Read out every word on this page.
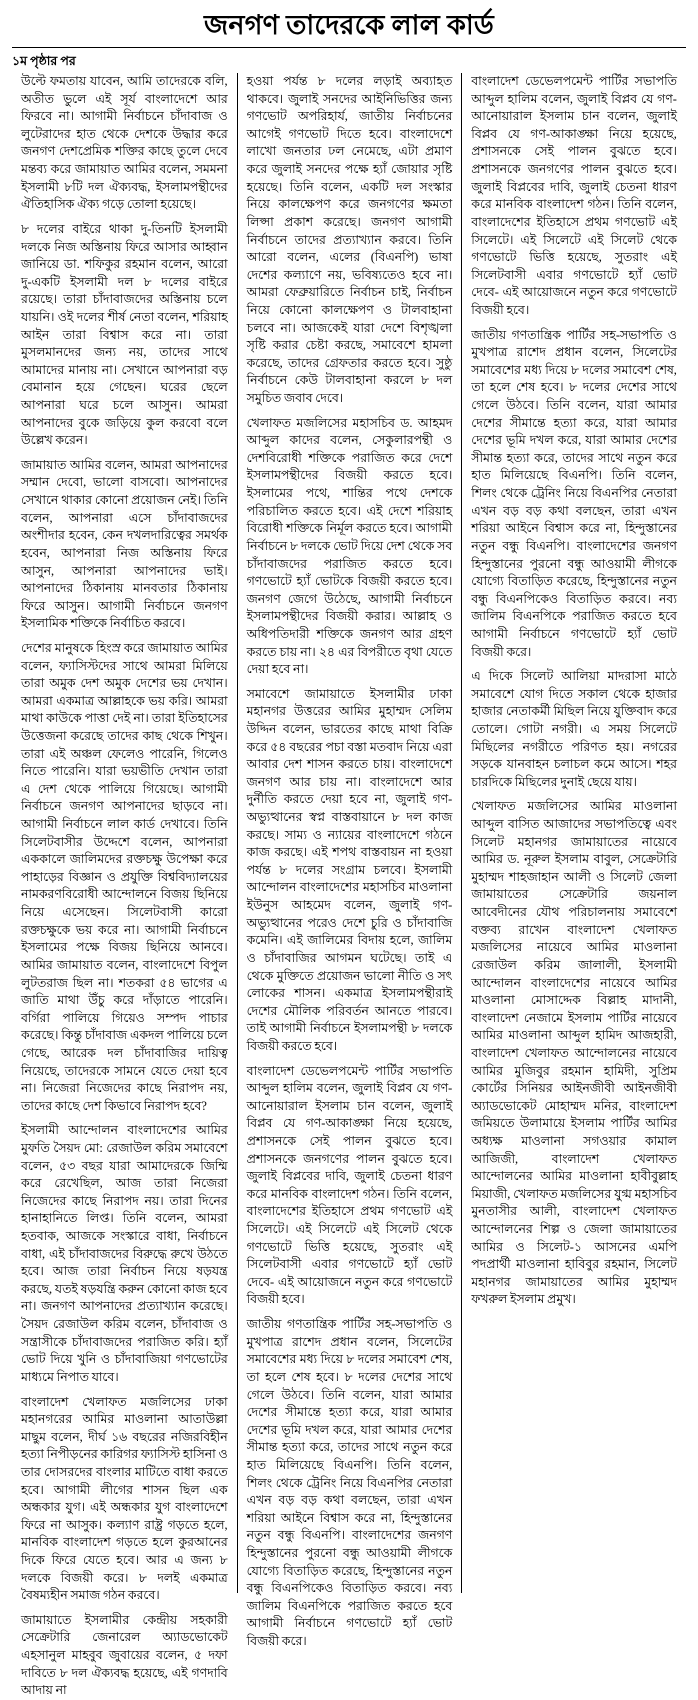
জনগণ তাদেরকে লাল কার্ড
১ম পৃষ্ঠার পর

উল্টে ফমতায় যাবেন, আমি তাদেরকে বলি, অতীত ভুলে এই সূর্য বাংলাদেশে আর ফিরবে না। আগামী নির্বাচনে চাঁদাবাজ ও লুটেরাদের হাত থেকে দেশকে উদ্ধার করে জনগণ দেশপ্রেমিক শক্তির কাছে তুলে দেবে মন্তব্য করে জামায়াত আমির বলেন, সমমনা ইসলামী ৮টি দল ঐক্যবদ্ধ, ইসলামপন্থীদের ঐতিহাসিক ঐক্য গড়ে তোলা হয়েছে।

৮ দলের বাইরে থাকা দু-তিনটি ইসলামী দলকে নিজ অস্তিনায় ফিরে আসার আহ্বান জানিয়ে ডা. শফিকুর রহমান বলেন, আরো দু-একটি ইসলামী দল ৮ দলের বাইরে রয়েছে। তারা চাঁদাবাজদের অস্তিনায় চলে যায়নি। ওই দলের শীর্ষ নেতা বলেন, শরিয়াহ আইন তারা বিশ্বাস করে না। তারা মুসলমানদের জন্য নয়, তাদের সাথে আমাদের মানায় না। সেখানে আপনারা বড় বেমানান হয়ে গেছেন। ঘরের ছেলে আপনারা ঘরে চলে আসুন। আমরা আপনাদের বুকে জড়িয়ে কুল করবো বলে উল্লেখ করেন।

জামায়াত আমির বলেন, আমরা আপনাদের সম্মান দেবো, ভালো বাসবো। আপনাদের সেখানে থাকার কোনো প্রয়োজন নেই। তিনি বলেন, আপনারা এসে চাঁদাবাজদের অংশীদার হবেন, কেন দখলদারিত্বের সমর্থক হবেন, আপনারা নিজ অস্তিনায় ফিরে আসুন, আপনারা আপনাদের ভাই। আপনাদের ঠিকানায় মানবতার ঠিকানায় ফিরে আসুন। আগামী নির্বাচনে জনগণ ইসলামিক শক্তিকে নির্বাচিত করবে।

দেশের মানুষকে হিংস্র করে জামায়াত আমির বলেন, ফ্যাসিস্টদের সাথে আমরা মিলিয়ে তারা অমুক দেশ অমুক দেশের ভয় দেখান। আমরা একমাত্র আল্লাহকে ভয় করি। আমরা মাথা কাউকে পাত্তা দেই না। তারা ইতিহাসের উত্তেজনা করেছে তাদের কাছ থেকে শিখুন। তারা এই অঞ্চল ফেলেও পারেনি, গিলেও নিতে পারেনি। যারা ভয়ভীতি দেখান তারা এ দেশ থেকে পালিয়ে গিয়েছে। আগামী নির্বাচনে জনগণ আপনাদের ছাড়বে না। আগামী নির্বাচনে লাল কার্ড দেখাবে। তিনি সিলেটবাসীর উদ্দেশে বলেন, আপনারা এককালে জালিমদের রক্তচক্ষু উপেক্ষা করে পাহাড়ের বিজ্ঞান ও প্রযুক্তি বিশ্ববিদ্যালয়ের নামকরণবিরোধী আন্দোলনে বিজয় ছিনিয়ে নিয়ে এসেছেন। সিলেটবাসী কারো রক্তচক্ষুকে ভয় করে না। আগামী নির্বাচনে ইসলামের পক্ষে বিজয় ছিনিয়ে আনবে। আমির জামায়াত বলেন, বাংলাদেশে বিপুল লুটতরাজ ছিল না। শতকরা ৫৪ ভাগের এ জাতি মাথা উঁচু করে দাঁড়াতে পারেনি। বর্গিরা পালিয়ে গিয়েও সম্পদ পাচার করেছে। কিন্তু চাঁদাবাজ একদল পালিয়ে চলে গেছে, আরেক দল চাঁদাবাজির দায়িত্ব নিয়েছে, তাদেরকে সামনে যেতে দেয়া হবে না। নিজেরা নিজেদের কাছে নিরাপদ নয়, তাদের কাছে দেশ কিভাবে নিরাপদ হবে?

ইসলামী আন্দোলন বাংলাদেশের আমির মুফতি সৈয়দ মো: রেজাউল করিম সমাবেশে বলেন, ৫৩ বছর যারা আমাদেরকে জিম্মি করে রেখেছিল, আজ তারা নিজেরা নিজেদের কাছে নিরাপদ নয়। তারা দিনের হানাহানিতে লিপ্ত। তিনি বলেন, আমরা হতবাক, আজকে সংস্কারে বাধা, নির্বাচনে বাধা, এই চাঁদাবাজদের বিরুদ্ধে রুখে উঠতে হবে। আজ তারা নির্বাচন নিয়ে ষড়যন্ত্র করছে, যতই ষড়যন্ত্রি করুন কোনো কাজ হবে না। জনগণ আপনাদের প্রত্যাখ্যান করেছে। সৈয়দ রেজাউল করিম বলেন, চাঁদাবাজ ও সন্ত্রাসীকে চাঁদাবাজদের পরাজিত করি। হ্যাঁ ভোট দিয়ে খুনি ও চাঁদাবাজিয়া গণভোটের মাধ্যমে নিপাত যাবে।

বাংলাদেশ খেলাফত মজলিসের ঢাকা মহানগরের আমির মাওলানা আতাউল্লা মাছুম বলেন, দীর্ঘ ১৬ বছরের নজিরবিহীন হত্যা নিপীড়নের কারিগর ফ্যাসিস্ট হাসিনা ও তার দোসরদের বাংলার মাটিতে বাধা করতে হবে। আগামী লীগের শাসন ছিল এক অন্ধকার যুগ। এই অন্ধকার যুগ বাংলাদেশে ফিরে না আসুক। কল্যাণ রাষ্ট্র গড়তে হলে, মানবিক বাংলাদেশ গড়তে হলে কুরআনের দিকে ফিরে যেতে হবে। আর এ জন্য ৮ দলকে বিজয়ী করে। ৮ দলই একমাত্র বৈষম্যহীন সমাজ গঠন করবে।

জামায়াতে ইসলামীর কেন্দ্রীয় সহকারী সেক্রেটারি জেনারেল অ্যাডভোকেট এহসানুল মাহবুব জুবায়ের বলেন, ৫ দফা দাবিতে ৮ দল ঐক্যবদ্ধ হয়েছে, এই গণদাবি আদায় না

হওয়া পর্যন্ত ৮ দলের লড়াই অব্যাহত থাকবে। জুলাই সনদের আইনিভিত্তির জন্য গণভোট অপরিহার্য, জাতীয় নির্বাচনের আগেই গণভোট দিতে হবে। বাংলাদেশে লাখো জনতার ঢল নেমেছে, এটা প্রমাণ করে জুলাই সনদের পক্ষে হ্যাঁ জোয়ার সৃষ্টি হয়েছে। তিনি বলেন, একটি দল সংস্কার নিয়ে কালক্ষেপণ করে জনগণের ক্ষমতা লিপ্সা প্রকাশ করেছে। জনগণ আগামী নির্বাচনে তাদের প্রত্যাখ্যান করবে। তিনি আরো বলেন, এলের (বিএনপি) ভাষা দেশের কল্যাণে নয়, ভবিষ্যতেও হবে না। আমরা ফেব্রুয়ারিতে নির্বাচন চাই, নির্বাচন নিয়ে কোনো কালক্ষেপণ ও টালবাহানা চলবে না। আজকেই যারা দেশে বিশৃঙ্খলা সৃষ্টি করার চেষ্টা করছে, সমাবেশে হামলা করেছে, তাদের গ্রেফতার করতে হবে। সুষ্ঠু নির্বাচনে কেউ টালবাহানা করলে ৮ দল সমুচিত জবাব দেবে।

খেলাফত মজলিসের মহাসচিব ড. আহমদ আব্দুল কাদের বলেন, সেকুলারপন্থী ও দেশবিরোধী শক্তিকে পরাজিত করে দেশে ইসলামপন্থীদের বিজয়ী করতে হবে। ইসলামের পথে, শান্তির পথে দেশকে পরিচালিত করতে হবে। এই দেশে শরিয়াহ বিরোধী শক্তিকে নির্মূল করতে হবে। আগামী নির্বাচনে ৮ দলকে ভোট দিয়ে দেশ থেকে সব চাঁদাবাজদের পরাজিত করতে হবে। গণভোটে হ্যাঁ ভোটকে বিজয়ী করতে হবে। জনগণ জেগে উঠেছে, আগামী নির্বাচনে ইসলামপন্থীদের বিজয়ী করার। আল্লাহ ও অধিপতিদারী শক্তিকে জনগণ আর গ্রহণ করতে চায় না। ২৪ এর বিপরীতে বৃথা যেতে দেয়া হবে না।

সমাবেশে জামায়াতে ইসলামীর ঢাকা মহানগর উত্তরের আমির মুহাম্মদ সেলিম উদ্দিন বলেন, ভারতের কাছে মাথা বিক্রি করে ৫৪ বছরের পচা বস্তা মতবাদ নিয়ে এরা আবার দেশ শাসন করতে চায়। বাংলাদেশে জনগণ আর চায় না। বাংলাদেশে আর দুর্নীতি করতে দেয়া হবে না, জুলাই গণ-অভ্যুত্থানের স্বপ্ন বাস্তবায়ানে ৮ দল কাজ করছে। সাম্য ও ন্যায়ের বাংলাদেশে গঠনে কাজ করছে। এই শপথ বাস্তবায়ন না হওয়া পর্যন্ত ৮ দলের সংগ্রাম চলবে। ইসলামী আন্দোলন বাংলাদেশের মহাসচিব মাওলানা ইউনুস আহমেদ বলেন, জুলাই গণ-অভ্যুত্থানের পরেও দেশে চুরি ও চাঁদাবাজি কমেনি। এই জালিমের বিদায় হলে, জালিম ও চাঁদাবাজির আগমন ঘটেছে। তাই এ থেকে মুক্তিতে প্রয়োজন ভালো নীতি ও সৎ লোকের শাসন। একমাত্র ইসলামপন্থীরাই দেশের মৌলিক পরিবর্তন আনতে পারবে। তাই আগামী নির্বাচনে ইসলামপন্থী ৮ দলকে বিজয়ী করতে হবে।

বাংলাদেশ ডেভেলপমেন্ট পার্টির সভাপতি আব্দুল হালিম বলেন, জুলাই বিপ্লব যে গণ-আনোয়ারাল ইসলাম চান বলেন, জুলাই বিপ্লব যে গণ-আকাঙ্ক্ষা নিয়ে হয়েছে, প্রশাসনকে সেই পালন বুঝতে হবে। প্রশাসনকে জনগণের পালন বুঝতে হবে। জুলাই বিপ্লবের দাবি, জুলাই চেতনা ধারণ করে মানবিক বাংলাদেশ গঠন। তিনি বলেন, বাংলাদেশের ইতিহাসে প্রথম গণভোট এই সিলেটে। এই সিলেটে এই সিলেট থেকে গণভোটে ভিত্তি হয়েছে, সুতরাং এই সিলেটবাসী এবার গণভোটে হ্যাঁ ভোট দেবে- এই আয়োজনে নতুন করে গণভোটে বিজয়ী হবে।

জাতীয় গণতান্ত্রিক পার্টির সহ-সভাপতি ও মুখপাত্র রাশেদ প্রধান বলেন, সিলেটের সমাবেশের মধ্য দিয়ে ৮ দলের সমাবেশ শেষ, তা হলে শেষ হবে। ৮ দলের দেশের সাথে গেলে উঠবে। তিনি বলেন, যারা আমার দেশের সীমান্তে হত্যা করে, যারা আমার দেশের ভূমি দখল করে, যারা আমার দেশের সীমান্ত হত্যা করে, তাদের সাথে নতুন করে হাত মিলিয়েছে বিএনপি। তিনি বলেন, শিলং থেকে ট্রেনিং নিয়ে বিএনপির নেতারা এখন বড় বড় কথা বলছেন, তারা এখন শরিয়া আইনে বিশ্বাস করে না, হিন্দুস্তানের নতুন বন্ধু বিএনপি। বাংলাদেশের জনগণ হিন্দুস্তানের পুরনো বন্ধু আওয়ামী লীগকে যোগ্যে বিতাড়িত করেছে, হিন্দুস্তানের নতুন বন্ধু বিএনপিকেও বিতাড়িত করবে। নব্য জালিম বিএনপিকে পরাজিত করতে হবে আগামী নির্বাচনে গণভোটে হ্যাঁ ভোট বিজয়ী করে।

বাংলাদেশ ডেভেলপমেন্ট পার্টির সভাপতি আব্দুল হালিম বলেন, জুলাই বিপ্লব যে গণ-আনোয়ারাল ইসলাম চান বলেন, জুলাই বিপ্লব যে গণ-আকাঙ্ক্ষা নিয়ে হয়েছে, প্রশাসনকে সেই পালন বুঝতে হবে। প্রশাসনকে জনগণের পালন বুঝতে হবে। জুলাই বিপ্লবের দাবি, জুলাই চেতনা ধারণ করে মানবিক বাংলাদেশ গঠন। তিনি বলেন, বাংলাদেশের ইতিহাসে প্রথম গণভোট এই সিলেটে। এই সিলেটে এই সিলেট থেকে গণভোটে ভিত্তি হয়েছে, সুতরাং এই সিলেটবাসী এবার গণভোটে হ্যাঁ ভোট দেবে- এই আয়োজনে নতুন করে গণভোটে বিজয়ী হবে।

জাতীয় গণতান্ত্রিক পার্টির সহ-সভাপতি ও মুখপাত্র রাশেদ প্রধান বলেন, সিলেটের সমাবেশের মধ্য দিয়ে ৮ দলের সমাবেশ শেষ, তা হলে শেষ হবে। ৮ দলের দেশের সাথে গেলে উঠবে। তিনি বলেন, যারা আমার দেশের সীমান্তে হত্যা করে, যারা আমার দেশের ভূমি দখল করে, যারা আমার দেশের সীমান্ত হত্যা করে, তাদের সাথে নতুন করে হাত মিলিয়েছে বিএনপি। তিনি বলেন, শিলং থেকে ট্রেনিং নিয়ে বিএনপির নেতারা এখন বড় বড় কথা বলছেন, তারা এখন শরিয়া আইনে বিশ্বাস করে না, হিন্দুস্তানের নতুন বন্ধু বিএনপি। বাংলাদেশের জনগণ হিন্দুস্তানের পুরনো বন্ধু আওয়ামী লীগকে যোগ্যে বিতাড়িত করেছে, হিন্দুস্তানের নতুন বন্ধু বিএনপিকেও বিতাড়িত করবে। নব্য জালিম বিএনপিকে পরাজিত করতে হবে আগামী নির্বাচনে গণভোটে হ্যাঁ ভোট বিজয়ী করে।

এ দিকে সিলেট আলিয়া মাদরাসা মাঠে সমাবেশে যোগ দিতে সকাল থেকে হাজার হাজার নেতাকর্মী মিছিল নিয়ে যুক্তিবাদ করে তোলে। গোটা নগরী। এ সময় সিলেটে মিছিলের নগরীতে পরিণত হয়। নগরের সড়কে যানবাহন চলাচল কমে আসে। শহর চারদিকে মিছিলের দুনাই ছেয়ে যায়।

খেলাফত মজলিসের আমির মাওলানা আব্দুল বাসিত আজাদের সভাপতিত্বে এবং সিলেট মহানগর জামায়াতের নায়েবে আমির ড. নূরুল ইসলাম বাবুল, সেক্রেটারি মুহাম্মদ শাহজাহান আলী ও সিলেট জেলা জামায়াতের সেক্রেটারি জয়নাল আবেদীনের যৌথ পরিচালনায় সমাবেশে বক্তব্য রাখেন বাংলাদেশ খেলাফত মজলিসের নায়েবে আমির মাওলানা রেজাউল করিম জালালী, ইসলামী আন্দোলন বাংলাদেশের নায়েবে আমির মাওলানা মোসাদ্দেক বিল্লাহ মাদানী, বাংলাদেশ নেজামে ইসলাম পার্টির নায়েবে আমির মাওলানা আব্দুল হামিদ আজহারী, বাংলাদেশ খেলাফত আন্দোলনের নায়েবে আমির মুজিবুর রহমান হামিদী, সুপ্রিম কোর্টের সিনিয়র আইনজীবী আইনজীবী অ্যাডভোকেট মোহাম্মদ মনির, বাংলাদেশ জমিয়তে উলামায়ে ইসলাম পার্টির আমির অধ্যক্ষ মাওলানা সগওয়ার কামাল আজিজী, বাংলাদেশ খেলাফত আন্দোলনের আমির মাওলানা হাবীবুল্লাহ মিয়াজী, খেলাফত মজলিসের যুগ্ম মহাসচিব মুনতাসীর আলী, বাংলাদেশ খেলাফত আন্দোলনের শিল্প ও জেলা জামায়াতের আমির ও সিলেট-১ আসনের এমপি পদপ্রার্থী মাওলানা হাবিবুর রহমান, সিলেট মহানগর জামায়াতের আমির মুহাম্মদ ফখরুল ইসলাম প্রমুখ।
